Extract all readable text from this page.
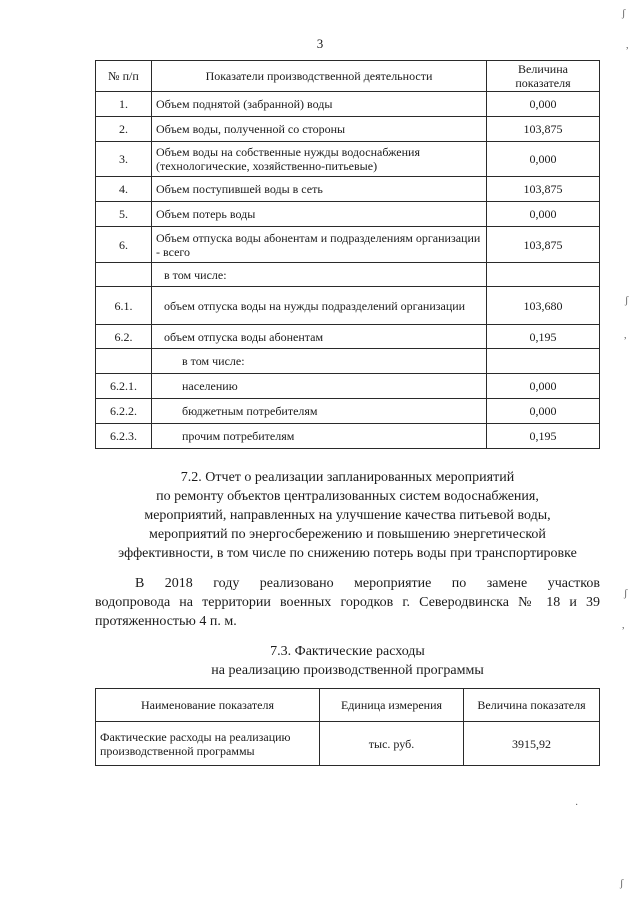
3
№ п/п	Показатели производственной деятельности	Величина показателя
1.	Объем поднятой (забранной) воды	0,000
2.	Объем воды, полученной со стороны	103,875
3.	Объем воды на собственные нужды водоснабжения (технологические, хозяйственно-питьевые)	0,000
4.	Объем поступившей воды в сеть	103,875
5.	Объем потерь воды	0,000
6.	Объем отпуска воды абонентам и подразделениям организации - всего	103,875
	в том числе:	
6.1.	объем отпуска воды на нужды подразделений организации	103,680
6.2.	объем отпуска воды абонентам	0,195
	в том числе:	
6.2.1.	населению	0,000
6.2.2.	бюджетным потребителям	0,000
6.2.3.	прочим потребителям	0,195
7.2. Отчет о реализации запланированных мероприятий
по ремонту объектов централизованных систем водоснабжения,
мероприятий, направленных на улучшение качества питьевой воды,
мероприятий по энергосбережению и повышению энергетической
эффективности, в том числе по снижению потерь воды при транспортировке
В 2018 году реализовано мероприятие по замене участков
водопровода на территории военных городков г. Северодвинска № 18 и 39
протяженностью 4 п. м.
7.3. Фактические расходы
на реализацию производственной программы
Наименование показателя	Единица измерения	Величина показателя
Фактические расходы на реализацию производственной программы	тыс. руб.	3915,92
ʃ
,
ʃ
,
ʃ
,
·
ʃ
